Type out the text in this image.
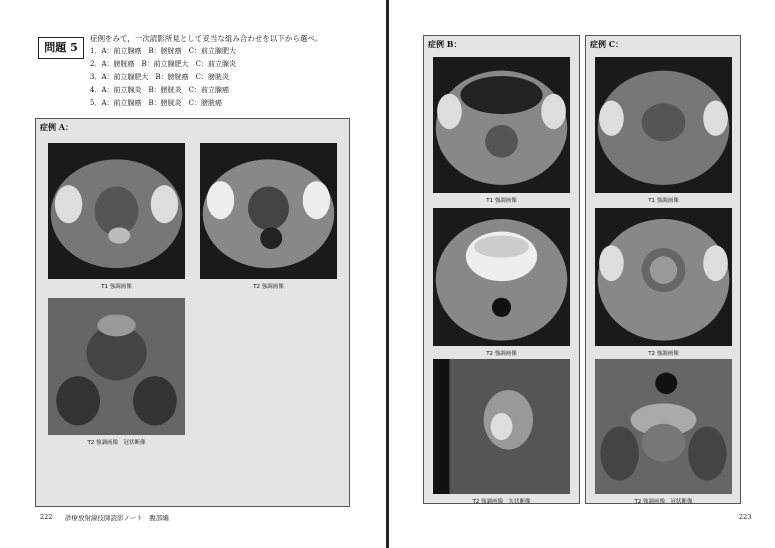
問題 5
症例をみて，一次読影所見として妥当な組み合わせを以下から選べ。
1．A：前立腺癌　B：膀胱癌　C：前立腺肥大
2．A：膀胱癌　B：前立腺肥大　C：前立腺炎
3．A：前立腺肥大　B：膀胱癌　C：膀胱炎
4．A：前立腺炎　B：膀胱炎　C：前立腺癌
5．A：前立腺癌　B：膀胱炎　C：膀胱癌
症例 A：
T1 強調画像	T2 強調画像
T2 強調画像　冠状断像
222 診療放射線技師読影ノート　腹部編
症例 B：
T1 強調画像
T2 強調画像
T2 強調画像　矢状断像
症例 C：
T1 強調画像
T2 強調画像
T2 強調画像　冠状断像
223
